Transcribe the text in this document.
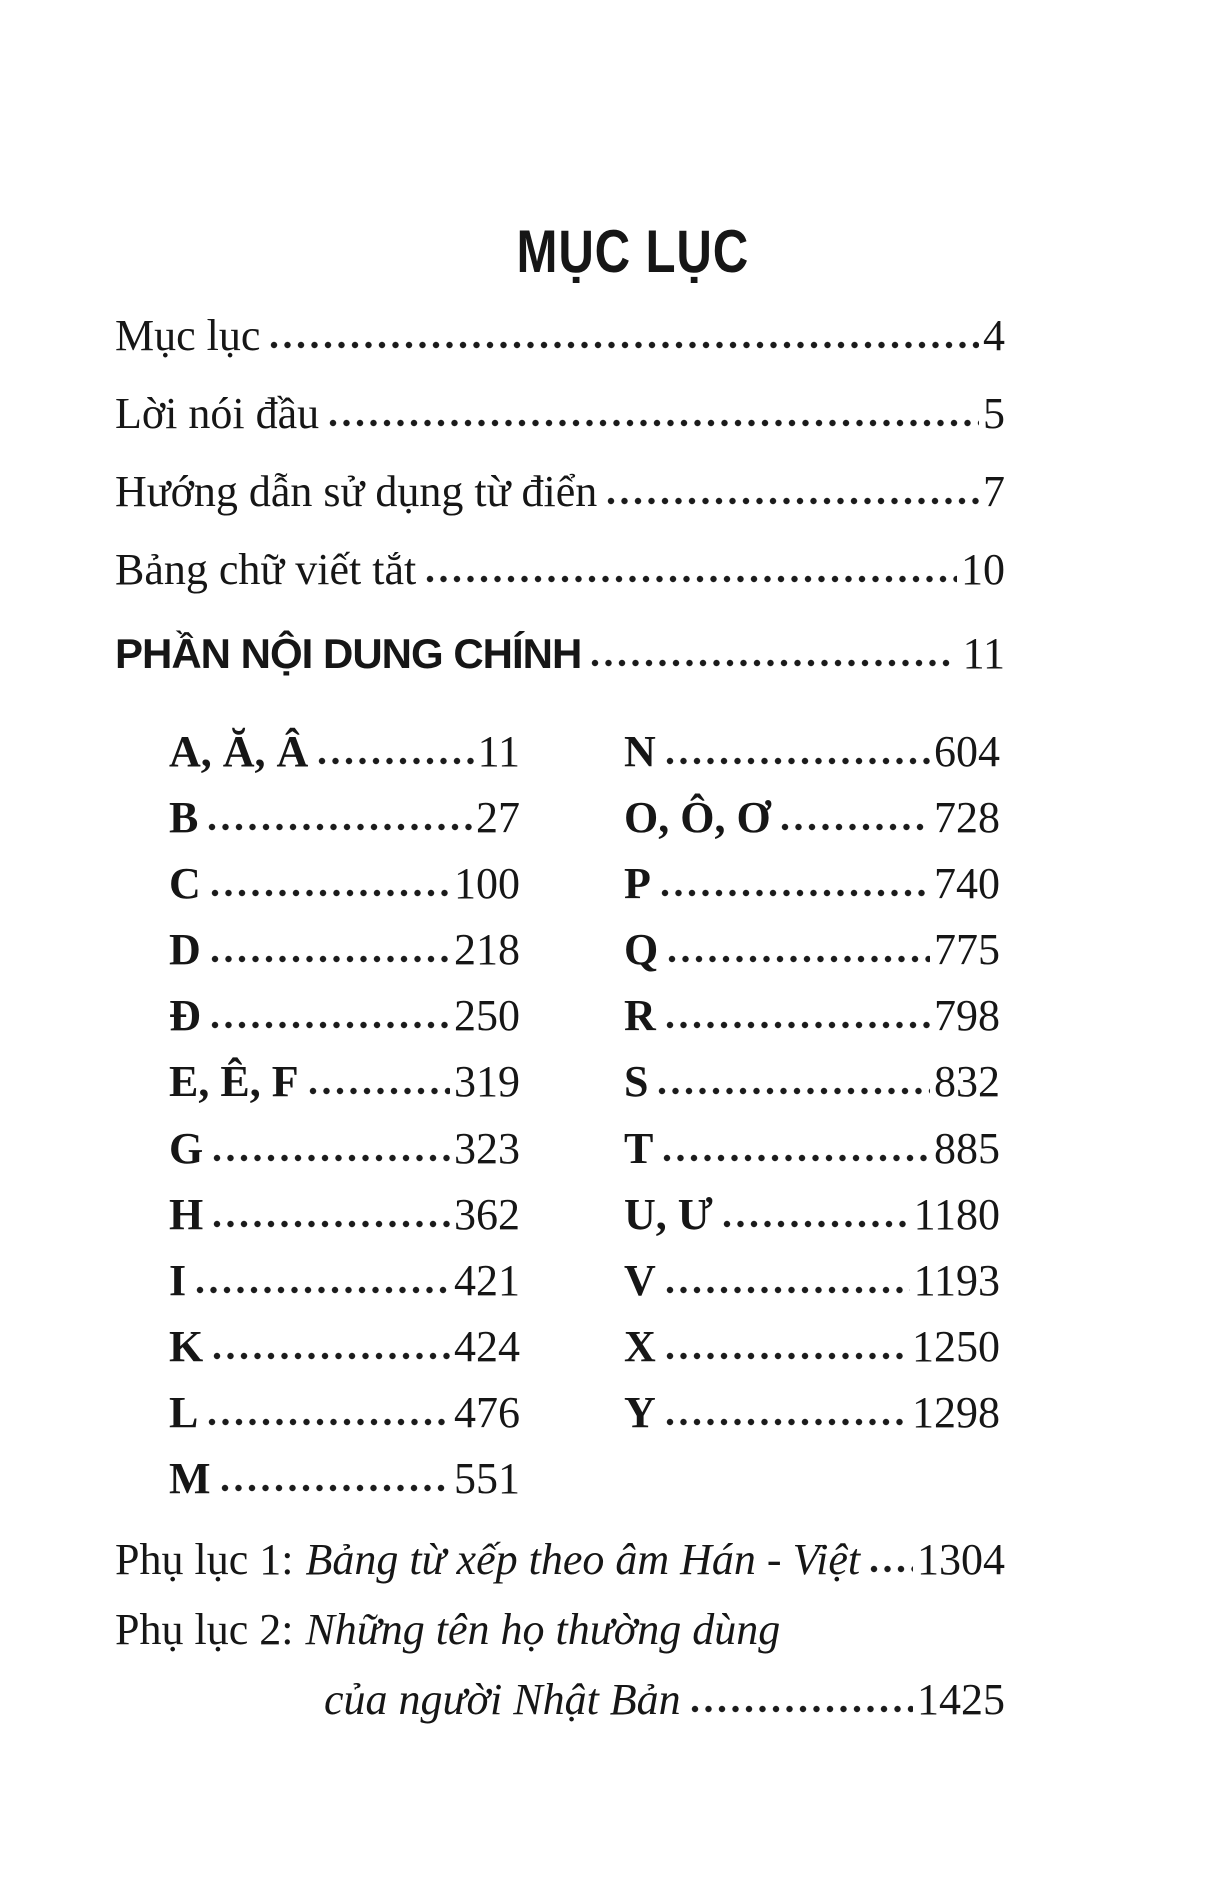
MỤC LỤC
Mục lục	4
Lời nói đầu	5
Hướng dẫn sử dụng từ điển	7
Bảng chữ viết tắt	10
PHẦN NỘI DUNG CHÍNH	11
A, Ă, Â	11
B	27
C	100
D	218
Đ	250
E, Ê, F	319
G	323
H	362
I	421
K	424
L	476
M	551
N	604
O, Ô, Ơ	728
P	740
Q	775
R	798
S	832
T	885
U, Ư	1180
V	1193
X	1250
Y	1298
Phụ lục 1: Bảng từ xếp theo âm Hán - Việt 1304
Phụ lục 2: Những tên họ thường dùng
của người Nhật Bản	1425
